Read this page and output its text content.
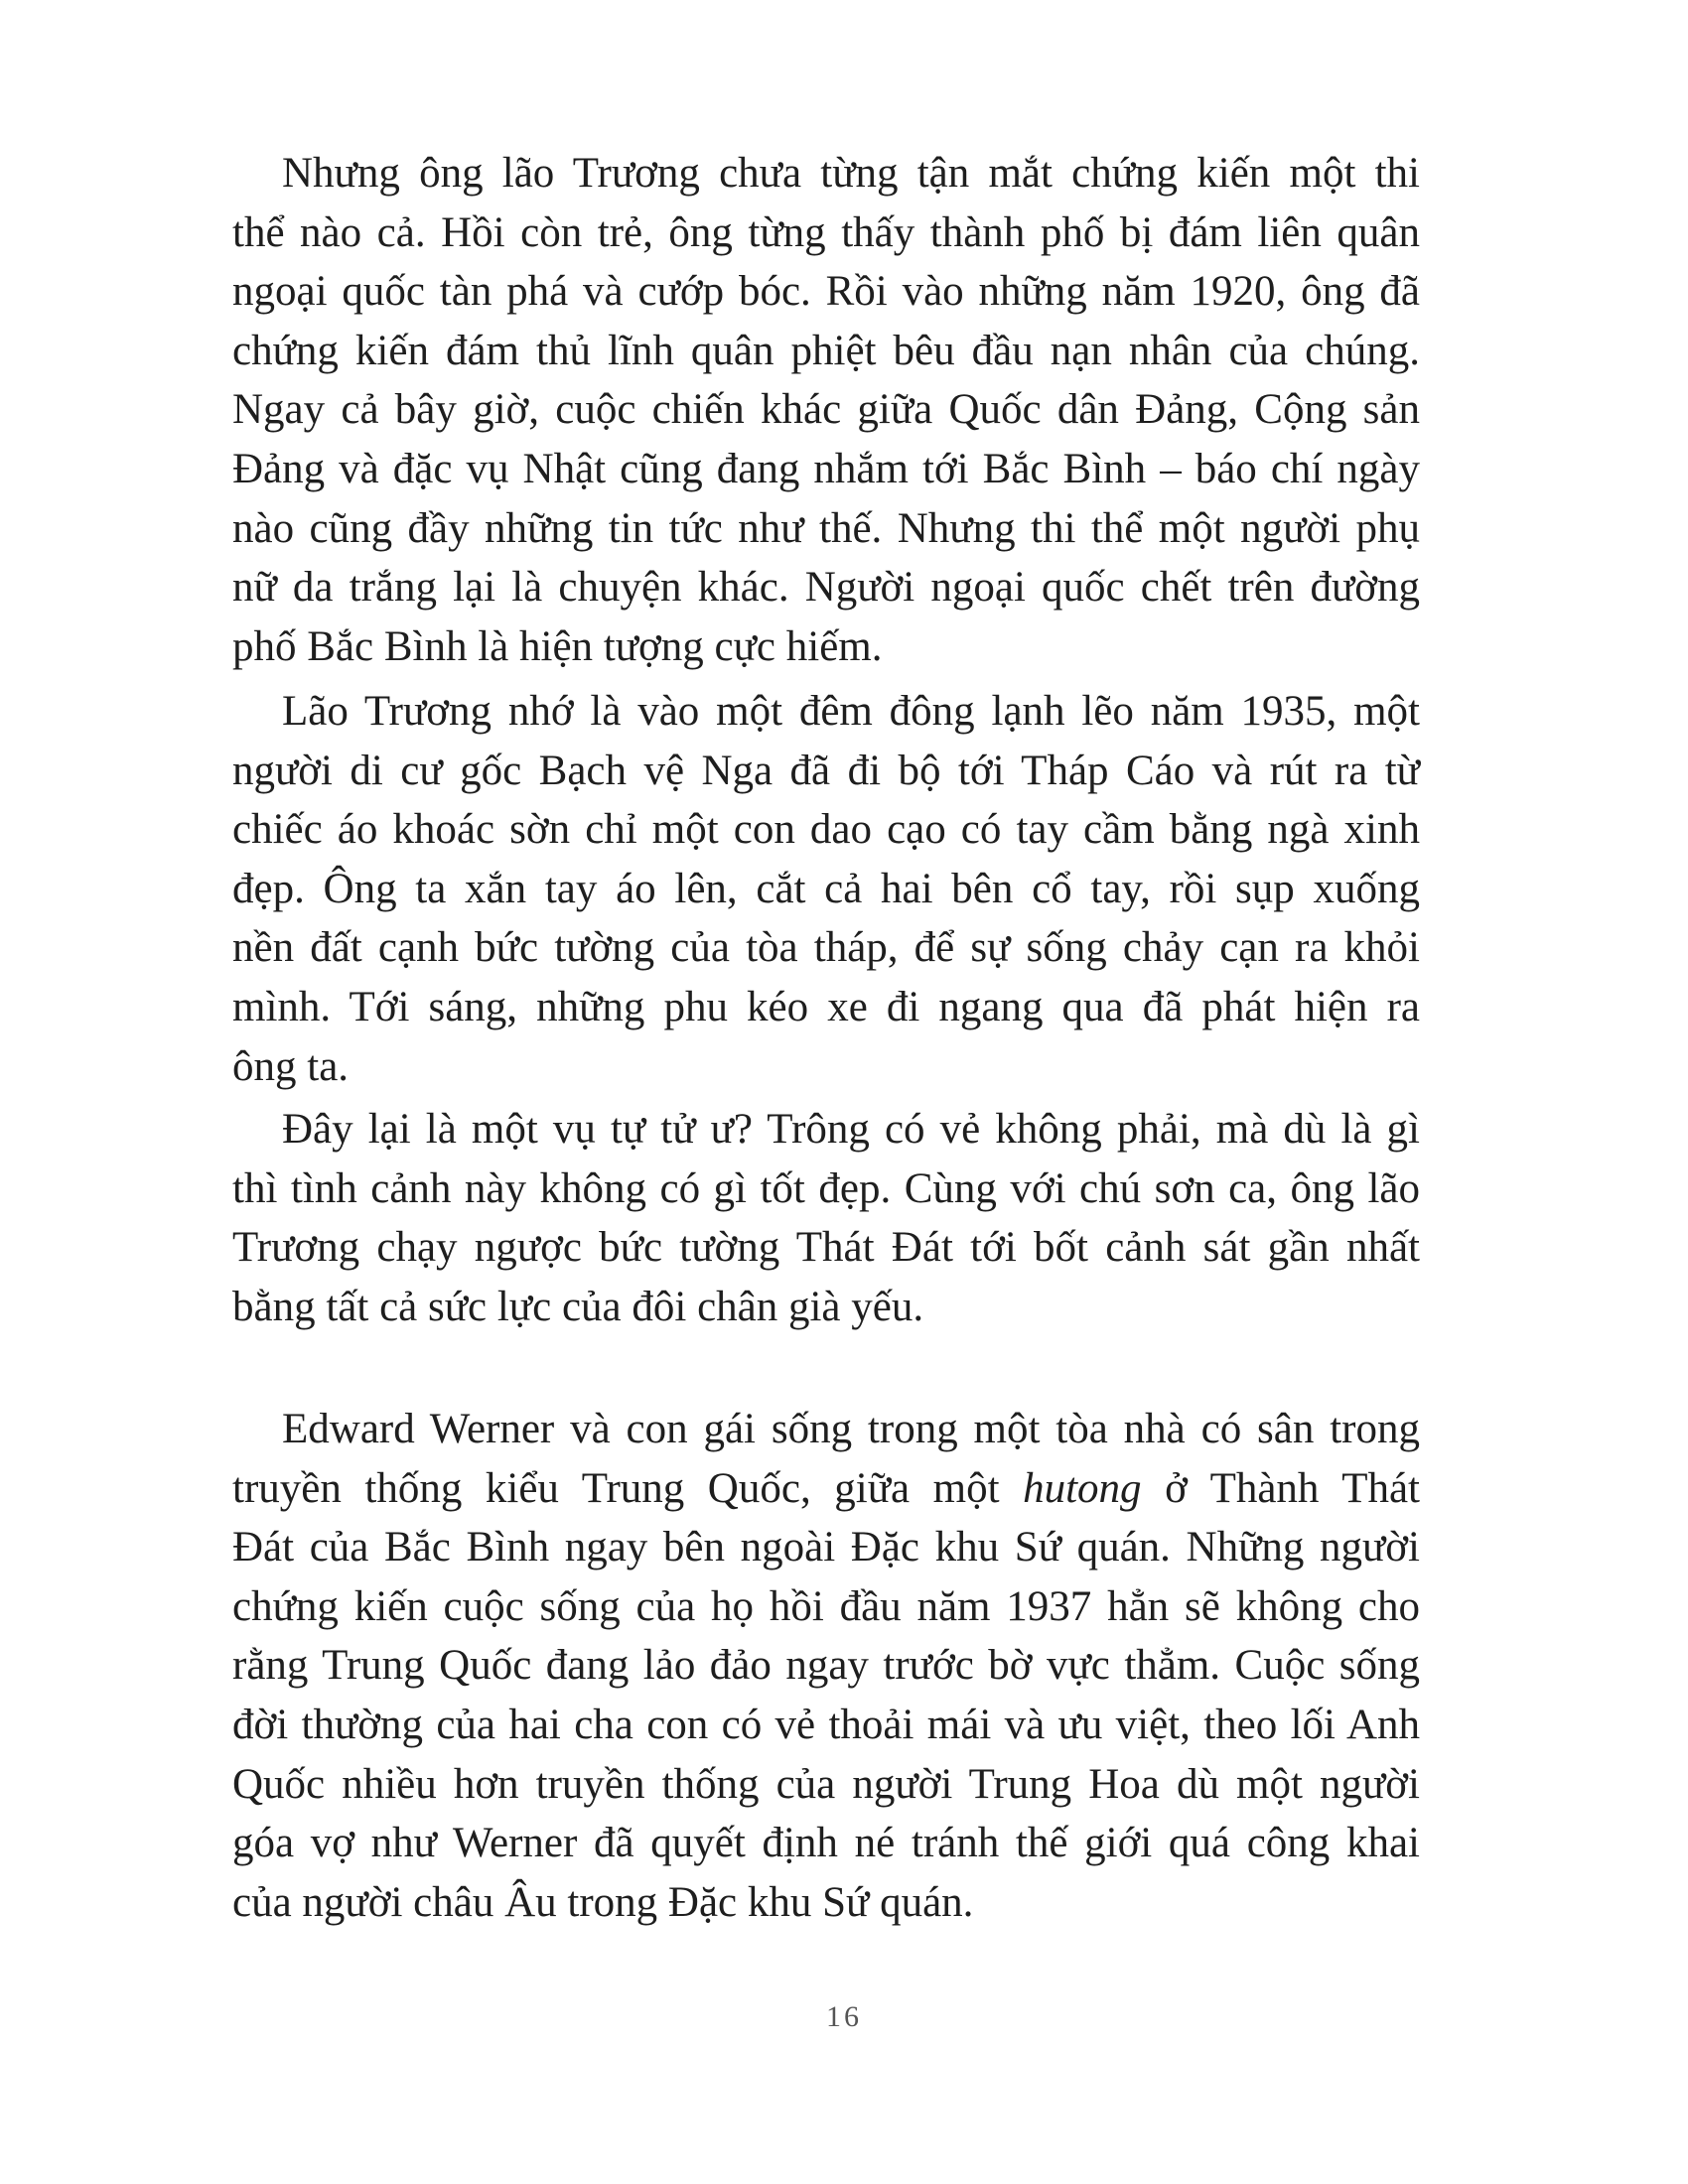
Nhưng ông lão Trương chưa từng tận mắt chứng kiến một thi
thể nào cả. Hồi còn trẻ, ông từng thấy thành phố bị đám liên quân
ngoại quốc tàn phá và cướp bóc. Rồi vào những năm 1920, ông đã
chứng kiến đám thủ lĩnh quân phiệt bêu đầu nạn nhân của chúng.
Ngay cả bây giờ, cuộc chiến khác giữa Quốc dân Đảng, Cộng sản
Đảng và đặc vụ Nhật cũng đang nhắm tới Bắc Bình – báo chí ngày
nào cũng đầy những tin tức như thế. Nhưng thi thể một người phụ
nữ da trắng lại là chuyện khác. Người ngoại quốc chết trên đường
phố Bắc Bình là hiện tượng cực hiếm.
Lão Trương nhớ là vào một đêm đông lạnh lẽo năm 1935, một
người di cư gốc Bạch vệ Nga đã đi bộ tới Tháp Cáo và rút ra từ
chiếc áo khoác sờn chỉ một con dao cạo có tay cầm bằng ngà xinh
đẹp. Ông ta xắn tay áo lên, cắt cả hai bên cổ tay, rồi sụp xuống
nền đất cạnh bức tường của tòa tháp, để sự sống chảy cạn ra khỏi
mình. Tới sáng, những phu kéo xe đi ngang qua đã phát hiện ra
ông ta.
Đây lại là một vụ tự tử ư? Trông có vẻ không phải, mà dù là gì
thì tình cảnh này không có gì tốt đẹp. Cùng với chú sơn ca, ông lão
Trương chạy ngược bức tường Thát Đát tới bốt cảnh sát gần nhất
bằng tất cả sức lực của đôi chân già yếu.
Edward Werner và con gái sống trong một tòa nhà có sân trong
truyền thống kiểu Trung Quốc, giữa một hutong ở Thành Thát
Đát của Bắc Bình ngay bên ngoài Đặc khu Sứ quán. Những người
chứng kiến cuộc sống của họ hồi đầu năm 1937 hẳn sẽ không cho
rằng Trung Quốc đang lảo đảo ngay trước bờ vực thẳm. Cuộc sống
đời thường của hai cha con có vẻ thoải mái và ưu việt, theo lối Anh
Quốc nhiều hơn truyền thống của người Trung Hoa dù một người
góa vợ như Werner đã quyết định né tránh thế giới quá công khai
của người châu Âu trong Đặc khu Sứ quán.
16
